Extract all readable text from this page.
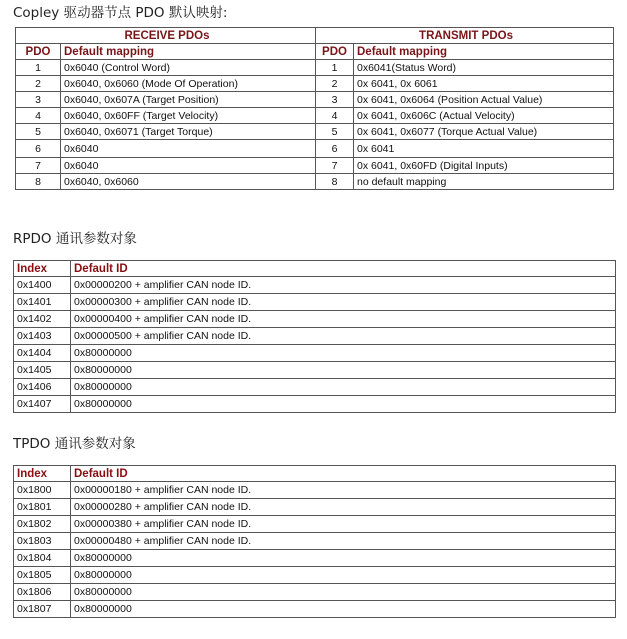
Copley 驱动器节点 PDO 默认映射:
RECEIVE PDOs		TRANSMIT PDOs	
PDO	Default mapping	PDO	Default mapping
1	0x6040 (Control Word)	1	0x6041(Status Word)
2	0x6040, 0x6060 (Mode Of Operation)	2	0x 6041, 0x 6061
3	0x6040, 0x607A (Target Position)	3	0x 6041, 0x6064 (Position Actual Value)
4	0x6040, 0x60FF (Target Velocity)	4	0x 6041, 0x606C (Actual Velocity)
5	0x6040, 0x6071 (Target Torque)	5	0x 6041, 0x6077 (Torque Actual Value)
6	0x6040	6	0x 6041
7	0x6040	7	0x 6041, 0x60FD (Digital Inputs)
8	0x6040, 0x6060	8	no default mapping
RPDO 通讯参数对象
Index	Default ID
0x1400	0x00000200 + amplifier CAN node ID.
0x1401	0x00000300 + amplifier CAN node ID.
0x1402	0x00000400 + amplifier CAN node ID.
0x1403	0x00000500 + amplifier CAN node ID.
0x1404	0x80000000
0x1405	0x80000000
0x1406	0x80000000
0x1407	0x80000000
TPDO 通讯参数对象
Index	Default ID
0x1800	0x00000180 + amplifier CAN node ID.
0x1801	0x00000280 + amplifier CAN node ID.
0x1802	0x00000380 + amplifier CAN node ID.
0x1803	0x00000480 + amplifier CAN node ID.
0x1804	0x80000000
0x1805	0x80000000
0x1806	0x80000000
0x1807	0x80000000
